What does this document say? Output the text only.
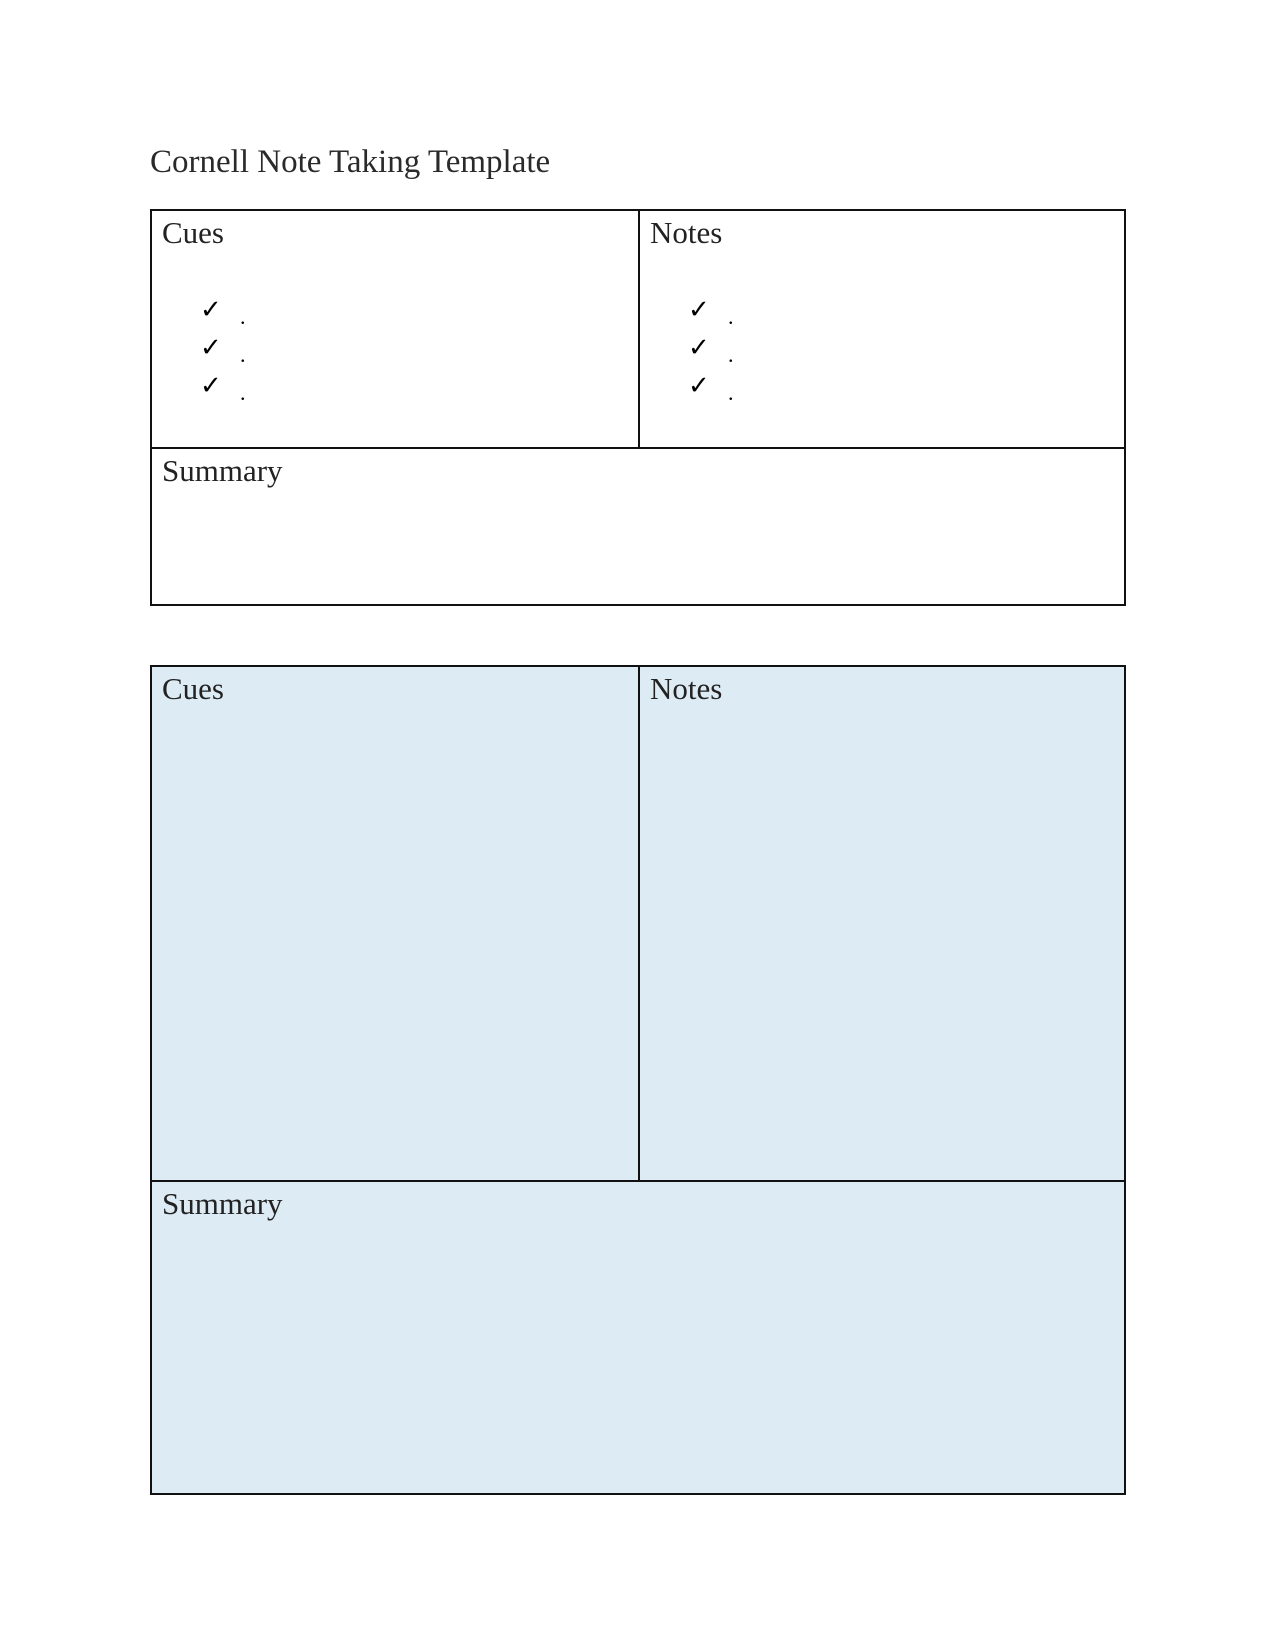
Cornell Note Taking Template
Cues
✓ .
✓ .
✓ .
Notes
✓ .
✓ .
✓ .
Summary
Cues	Notes
Summary
